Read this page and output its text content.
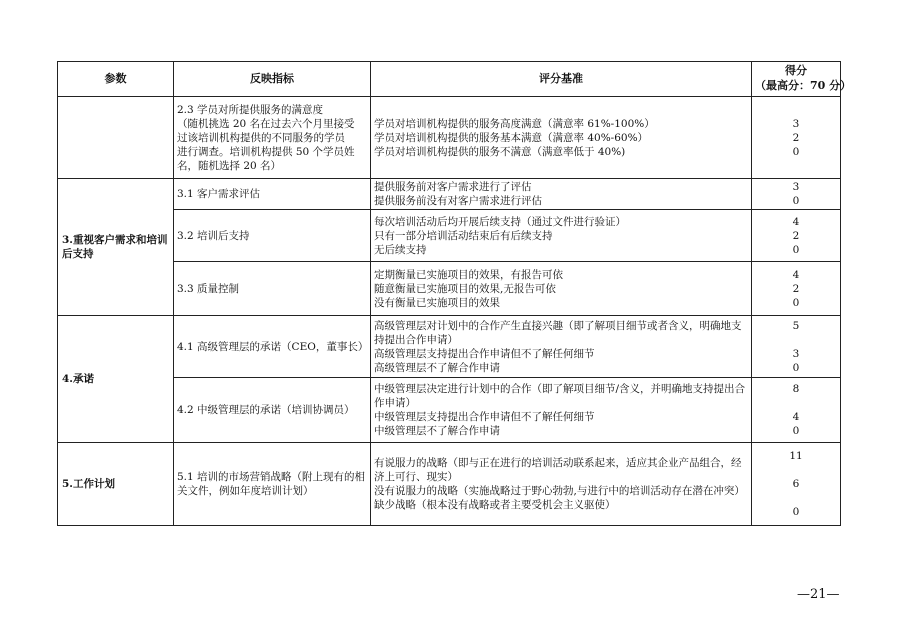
参数	反映指标	评分基准	得分
（最高分：70 分）

	2.3 学员对所提供服务的满意度
（随机挑选 20 名在过去六个月里接受
过该培训机构提供的不同服务的学员
进行调查。培训机构提供 50 个学员姓
名，随机选择 20 名）	学员对培训机构提供的服务高度满意（满意率 61%-100%）
学员对培训机构提供的服务基本满意（满意率 40%-60%）
学员对培训机构提供的服务不满意（满意率低于 40%)	3
2
0

3.重视客户需求和培训后支持	3.1 客户需求评估	提供服务前对客户需求进行了评估
提供服务前没有对客户需求进行评估	3
0

	3.2 培训后支持	每次培训活动后均开展后续支持（通过文件进行验证）
只有一部分培训活动结束后有后续支持
无后续支持	4
2
0

	3.3 质量控制	定期衡量已实施项目的效果，有报告可依
随意衡量已实施项目的效果,无报告可依
没有衡量已实施项目的效果	4
2
0

4.承诺	4.1 高级管理层的承诺（CEO，董事长）	高级管理层对计划中的合作产生直接兴趣（即了解项目细节或者含义，明确地支持提出合作申请）
高级管理层支持提出合作申请但不了解任何细节
高级管理层不了解合作申请	5
3
0

	4.2 中级管理层的承诺（培训协调员）	中级管理层决定进行计划中的合作（即了解项目细节/含义，并明确地支持提出合作申请）
中级管理层支持提出合作申请但不了解任何细节
中级管理层不了解合作申请	8
4
0

5.工作计划	5.1 培训的市场营销战略（附上现有的相关文件，例如年度培训计划）	有说服力的战略（即与正在进行的培训活动联系起来，适应其企业产品组合，经济上可行、现实）
没有说服力的战略（实施战略过于野心勃勃,与进行中的培训活动存在潜在冲突）
缺少战略（根本没有战略或者主要受机会主义驱使）	11
6
0
—21—
